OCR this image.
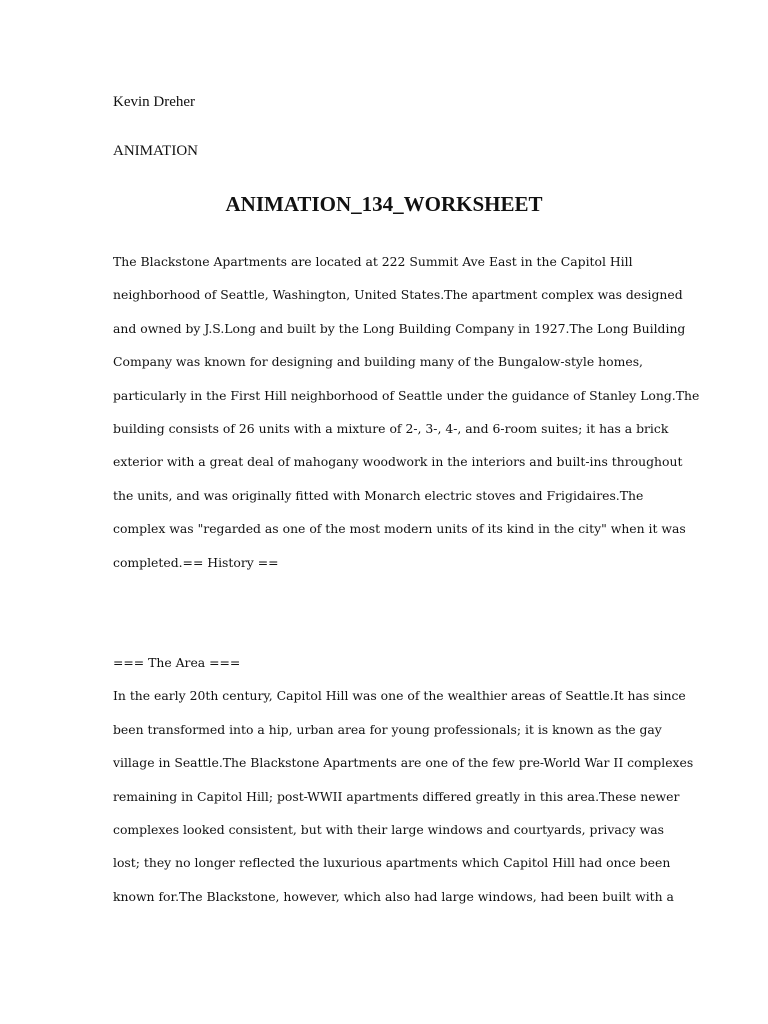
Kevin Dreher
ANIMATION
ANIMATION_134_WORKSHEET
The Blackstone Apartments are located at 222 Summit Ave East in the Capitol Hill
neighborhood of Seattle, Washington, United States.The apartment complex was designed
and owned by J.S.Long and built by the Long Building Company in 1927.The Long Building
Company was known for designing and building many of the Bungalow-style homes,
particularly in the First Hill neighborhood of Seattle under the guidance of Stanley Long.The
building consists of 26 units with a mixture of 2-, 3-, 4-, and 6-room suites; it has a brick
exterior with a great deal of mahogany woodwork in the interiors and built-ins throughout
the units, and was originally fitted with Monarch electric stoves and Frigidaires.The
complex was "regarded as one of the most modern units of its kind in the city" when it was
completed.== History ==
=== The Area ===
In the early 20th century, Capitol Hill was one of the wealthier areas of Seattle.It has since
been transformed into a hip, urban area for young professionals; it is known as the gay
village in Seattle.The Blackstone Apartments are one of the few pre-World War II complexes
remaining in Capitol Hill; post-WWII apartments differed greatly in this area.These newer
complexes looked consistent, but with their large windows and courtyards, privacy was
lost; they no longer reflected the luxurious apartments which Capitol Hill had once been
known for.The Blackstone, however, which also had large windows, had been built with a
